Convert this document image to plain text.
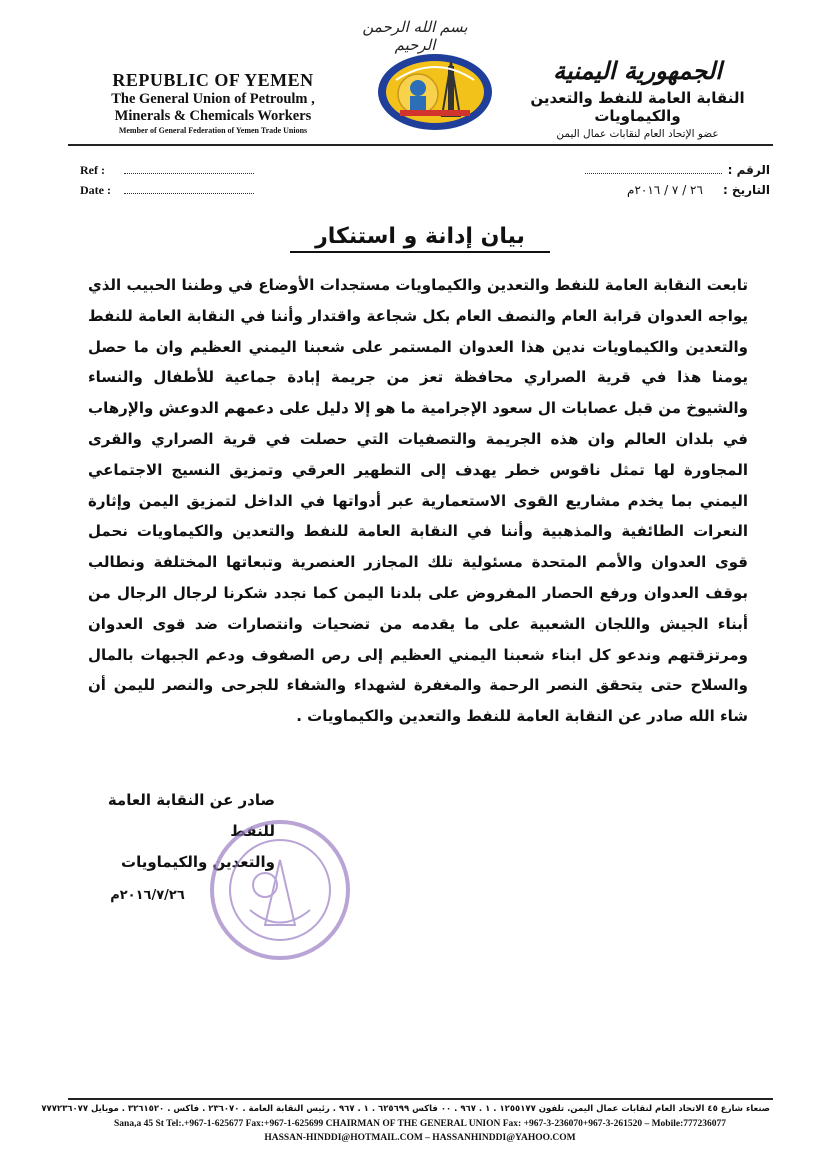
بسم الله الرحمن الرحيم
REPUBLIC OF YEMEN
The General Union of Petroulm ,
Minerals & Chemicals Workers
Member of General Federation of Yemen Trade Unions
الجمهورية اليمنية
النقابة العامة للنفط والتعدين والكيماويات
عضو الإتحاد العام لنقابات عمال اليمن
Ref :
Date :
الرقم :
التاريخ :
٢٦ / ٧ / ٢٠١٦م
بيان إدانة و استنكار
تابعت النقابة العامة للنفط والتعدين والكيماويات مستجدات الأوضاع في وطننا الحبيب الذي يواجه العدوان قرابة العام والنصف العام بكل شجاعة واقتدار وأننا في النقابة العامة للنفط والتعدين والكيماويات ندين هذا العدوان المستمر على شعبنا اليمني العظيم وان ما حصل يومنا هذا في قرية الصراري محافظة تعز من جريمة إبادة جماعية للأطفال والنساء والشيوخ من قبل عصابات ال سعود الإجرامية ما هو إلا دليل على دعمهم الدوعش والإرهاب في بلدان العالم وان هذه الجريمة والتصفيات التي حصلت في قرية الصراري والقرى المجاورة لها تمثل ناقوس خطر يهدف إلى التطهير العرقي وتمزيق النسيج الاجتماعي اليمني بما يخدم مشاريع القوى الاستعمارية عبر أدواتها في الداخل لتمزيق اليمن وإثارة النعرات الطائفية والمذهبية وأننا في النقابة العامة للنفط والتعدين والكيماويات نحمل قوى العدوان والأمم المتحدة مسئولية تلك المجازر العنصرية وتبعاتها المختلفة ونطالب بوقف العدوان ورفع الحصار المفروض على بلدنا اليمن كما نجدد شكرنا لرجال الرجال من أبناء الجيش واللجان الشعبية على ما يقدمه من تضحيات وانتصارات ضد قوى العدوان ومرتزقتهم وندعو كل ابناء شعبنا اليمني العظيم إلى رص الصفوف ودعم الجبهات بالمال والسلاح حتى يتحقق النصر الرحمة والمغفرة لشهداء والشفاء للجرحى والنصر لليمن أن شاء الله صادر عن النقابة العامة للنفط والتعدين والكيماويات .
صادر عن النقابة العامة للنفط
والتعدين والكيماويات
٢٠١٦/٧/٢٦م
صنعاء شارع ٤٥ الاتحاد العام لنقابات عمال اليمن. تلفون ١٢٥٥١٧٧ . ١ . ٩٦٧ . ٠٠ فاكس ٦٢٥٦٩٩ . ١ . ٩٦٧ . رئيس النقابة العامة . ٢٣٦٠٧٠ . فاكس . ٣٢٦١٥٢٠ . موبايل ٧٧٧٢٣٦٠٧٧
Sana,a 45 St Tel:.+967-1-625677 Fax:+967-1-625699 CHAIRMAN OF THE GENERAL UNION Fax: +967-3-236070+967-3-261520 – Mobile:777236077
HASSAN-HINDDI@HOTMAIL.COM – HASSANHINDDI@YAHOO.COM
